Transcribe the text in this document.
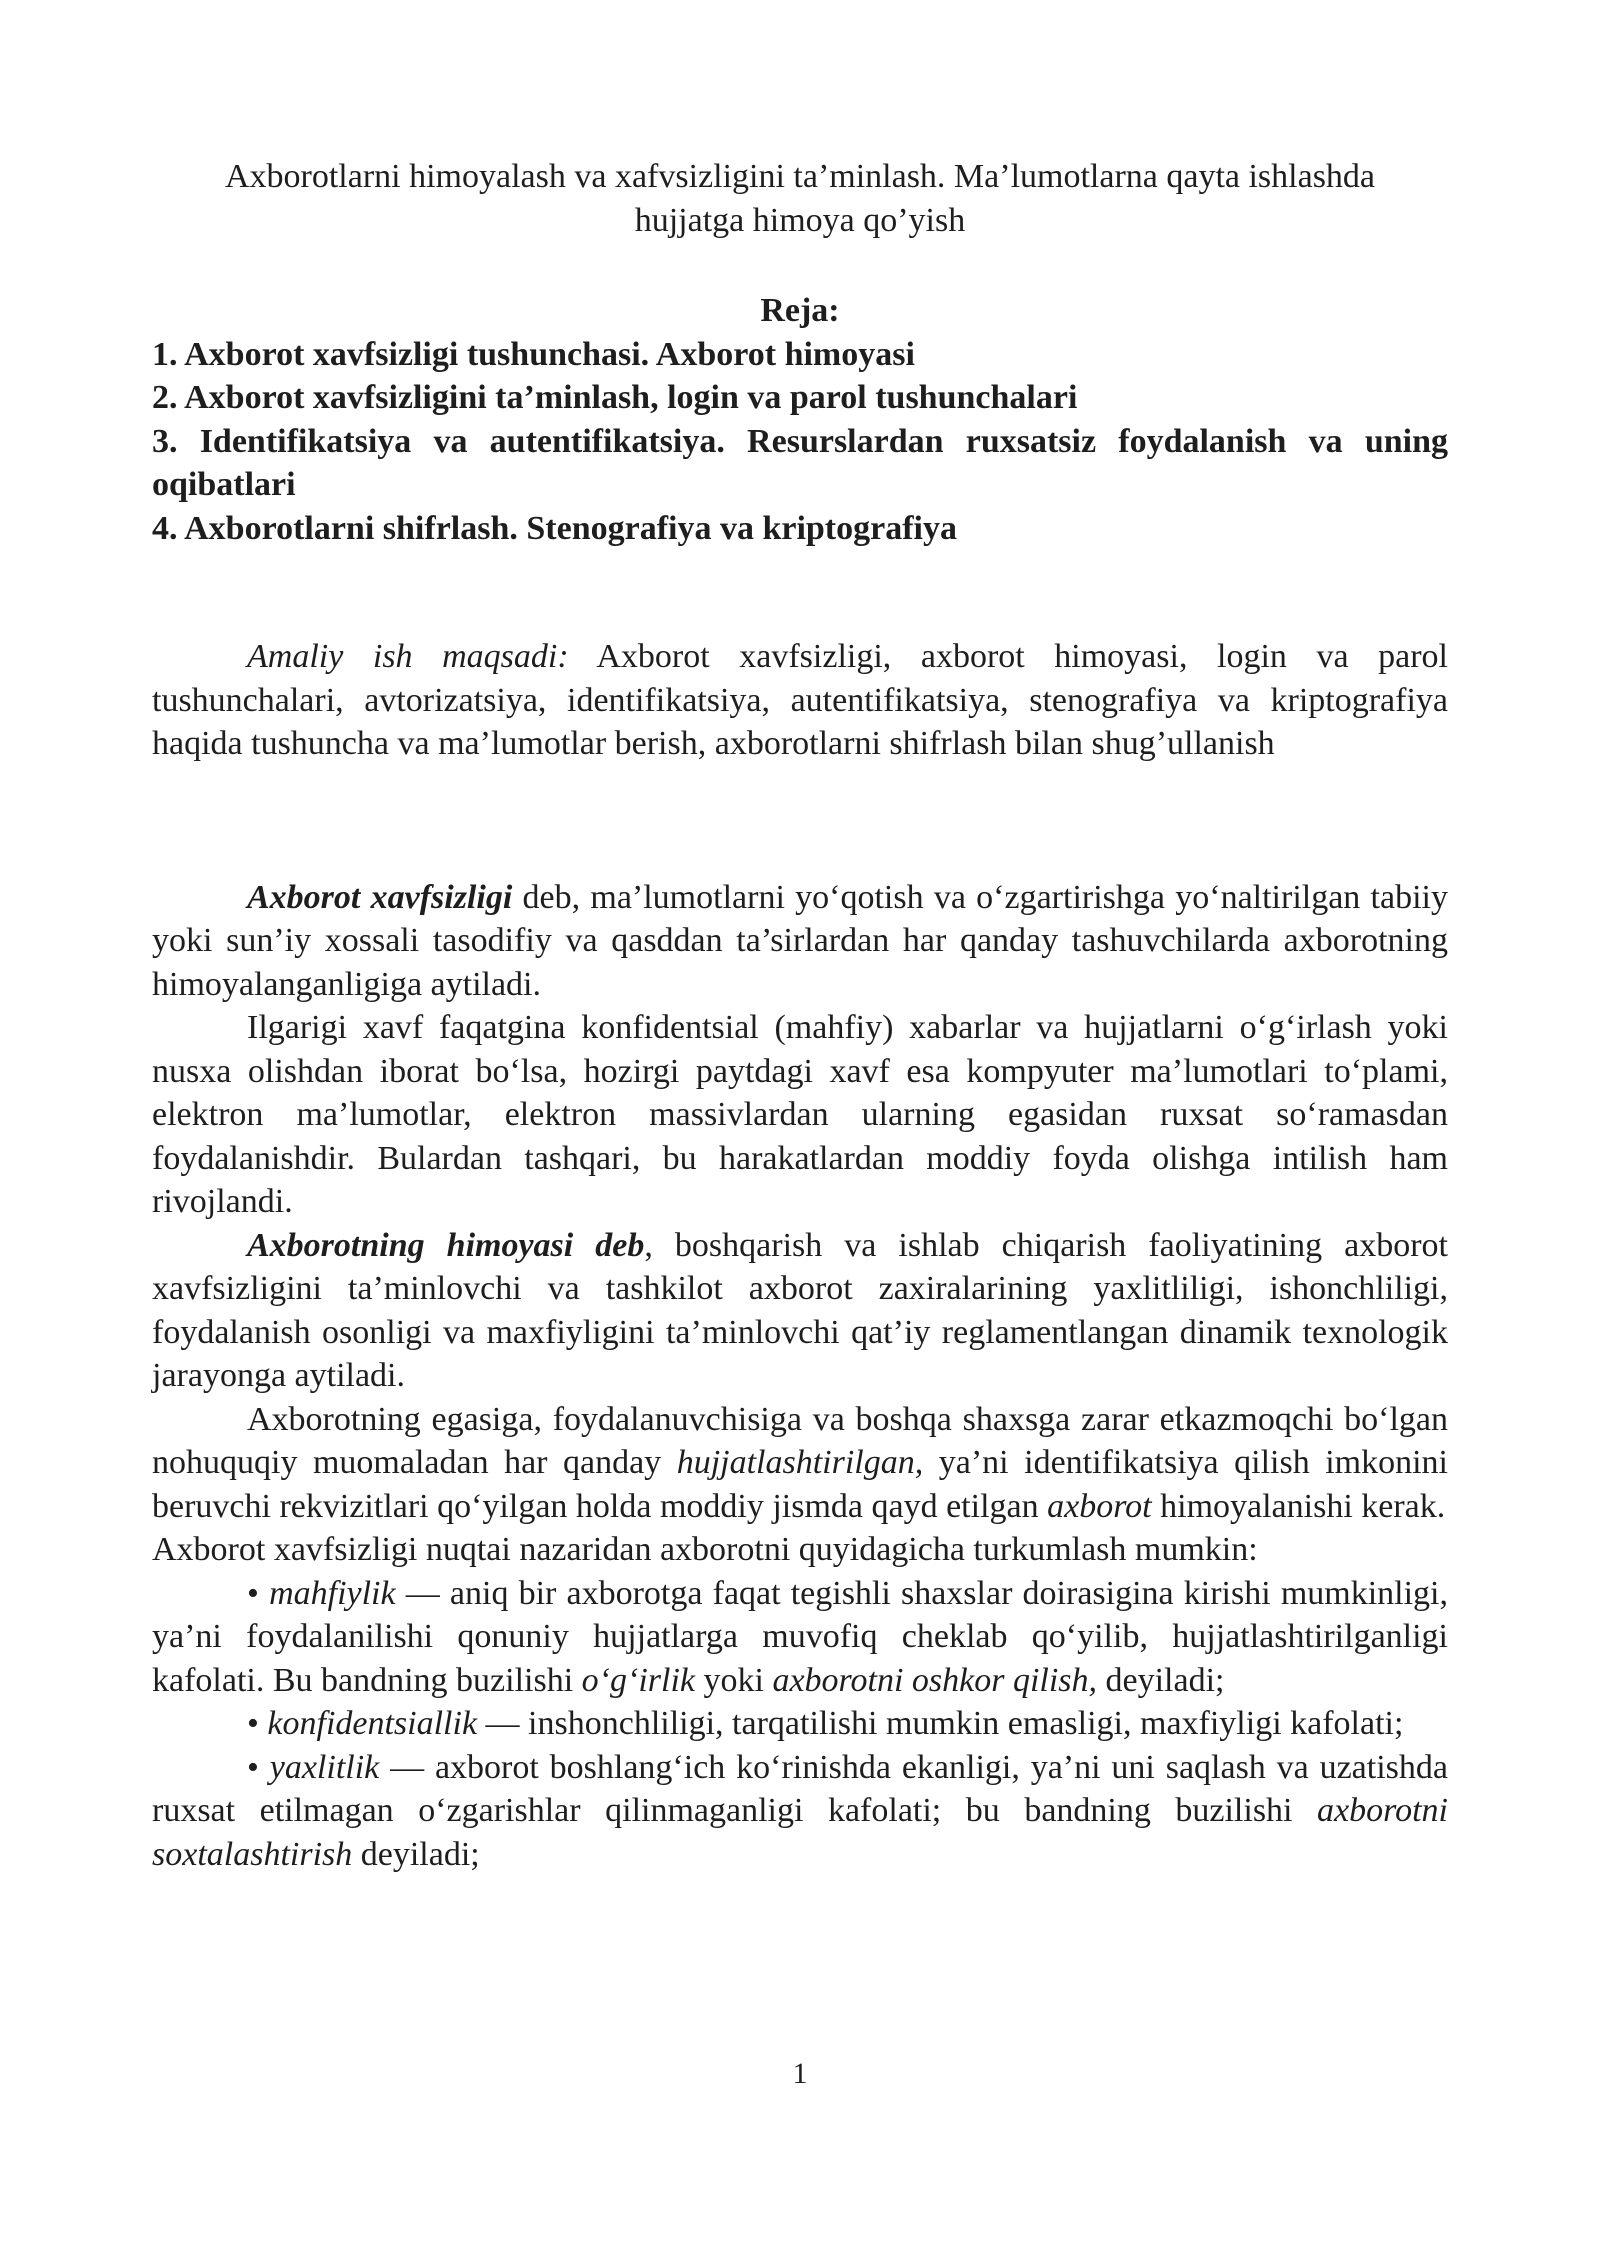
Axborotlarni himoyalash va xafvsizligini ta’minlash. Ma’lumotlarna qayta ishlashda
hujjatga himoya qo’yish
Reja:
1. Axborot xavfsizligi tushunchasi. Axborot himoyasi
2. Axborot xavfsizligini ta’minlash, login va parol tushunchalari
3. Identifikatsiya va autentifikatsiya. Resurslardan ruxsatsiz foydalanish va uning oqibatlari
4. Axborotlarni shifrlash. Stenografiya va kriptografiya

Amaliy ish maqsadi: Axborot xavfsizligi, axborot himoyasi, login va parol tushunchalari, avtorizatsiya, identifikatsiya, autentifikatsiya, stenografiya va kriptografiya haqida tushuncha va ma’lumotlar berish, axborotlarni shifrlash bilan shug’ullanish

Axborot xavfsizligi deb, ma’lumotlarni yo‘qotish va o‘zgartirishga yo‘naltirilgan tabiiy yoki sun’iy xossali tasodifiy va qasddan ta’sirlardan har qanday tashuvchilarda axborotning himoyalanganligiga aytiladi.

Ilgarigi xavf faqatgina konfidentsial (mahfiy) xabarlar va hujjatlarni o‘g‘irlash yoki nusxa olishdan iborat bo‘lsa, hozirgi paytdagi xavf esa kompyuter ma’lumotlari to‘plami, elektron ma’lumotlar, elektron massivlardan ularning egasidan ruxsat so‘ramasdan foydalanishdir. Bulardan tashqari, bu harakatlardan moddiy foyda olishga intilish ham rivojlandi.

Axborotning himoyasi deb, boshqarish va ishlab chiqarish faoliyatining axborot xavfsizligini ta’minlovchi va tashkilot axborot zaxiralarining yaxlitliligi, ishonchliligi, foydalanish osonligi va maxfiyligini ta’minlovchi qat’iy reglamentlangan dinamik texnologik jarayonga aytiladi.

Axborotning egasiga, foydalanuvchisiga va boshqa shaxsga zarar etkazmoqchi bo‘lgan nohuquqiy muomaladan har qanday hujjatlashtirilgan, ya’ni identifikatsiya qilish imkonini beruvchi rekvizitlari qo‘yilgan holda moddiy jismda qayd etilgan axborot himoyalanishi kerak.

Axborot xavfsizligi nuqtai nazaridan axborotni quyidagicha turkumlash mumkin:

• mahfiylik — aniq bir axborotga faqat tegishli shaxslar doirasigina kirishi mumkinligi, ya’ni foydalanilishi qonuniy hujjatlarga muvofiq cheklab qo‘yilib, hujjatlashtirilganligi kafolati. Bu bandning buzilishi o‘g‘irlik yoki axborotni oshkor qilish, deyiladi;

• konfidentsiallik — inshonchliligi, tarqatilishi mumkin emasligi, maxfiyligi kafolati;

• yaxlitlik — axborot boshlang‘ich ko‘rinishda ekanligi, ya’ni uni saqlash va uzatishda ruxsat etilmagan o‘zgarishlar qilinmaganligi kafolati; bu bandning buzilishi axborotni soxtalashtirish deyiladi;

1
